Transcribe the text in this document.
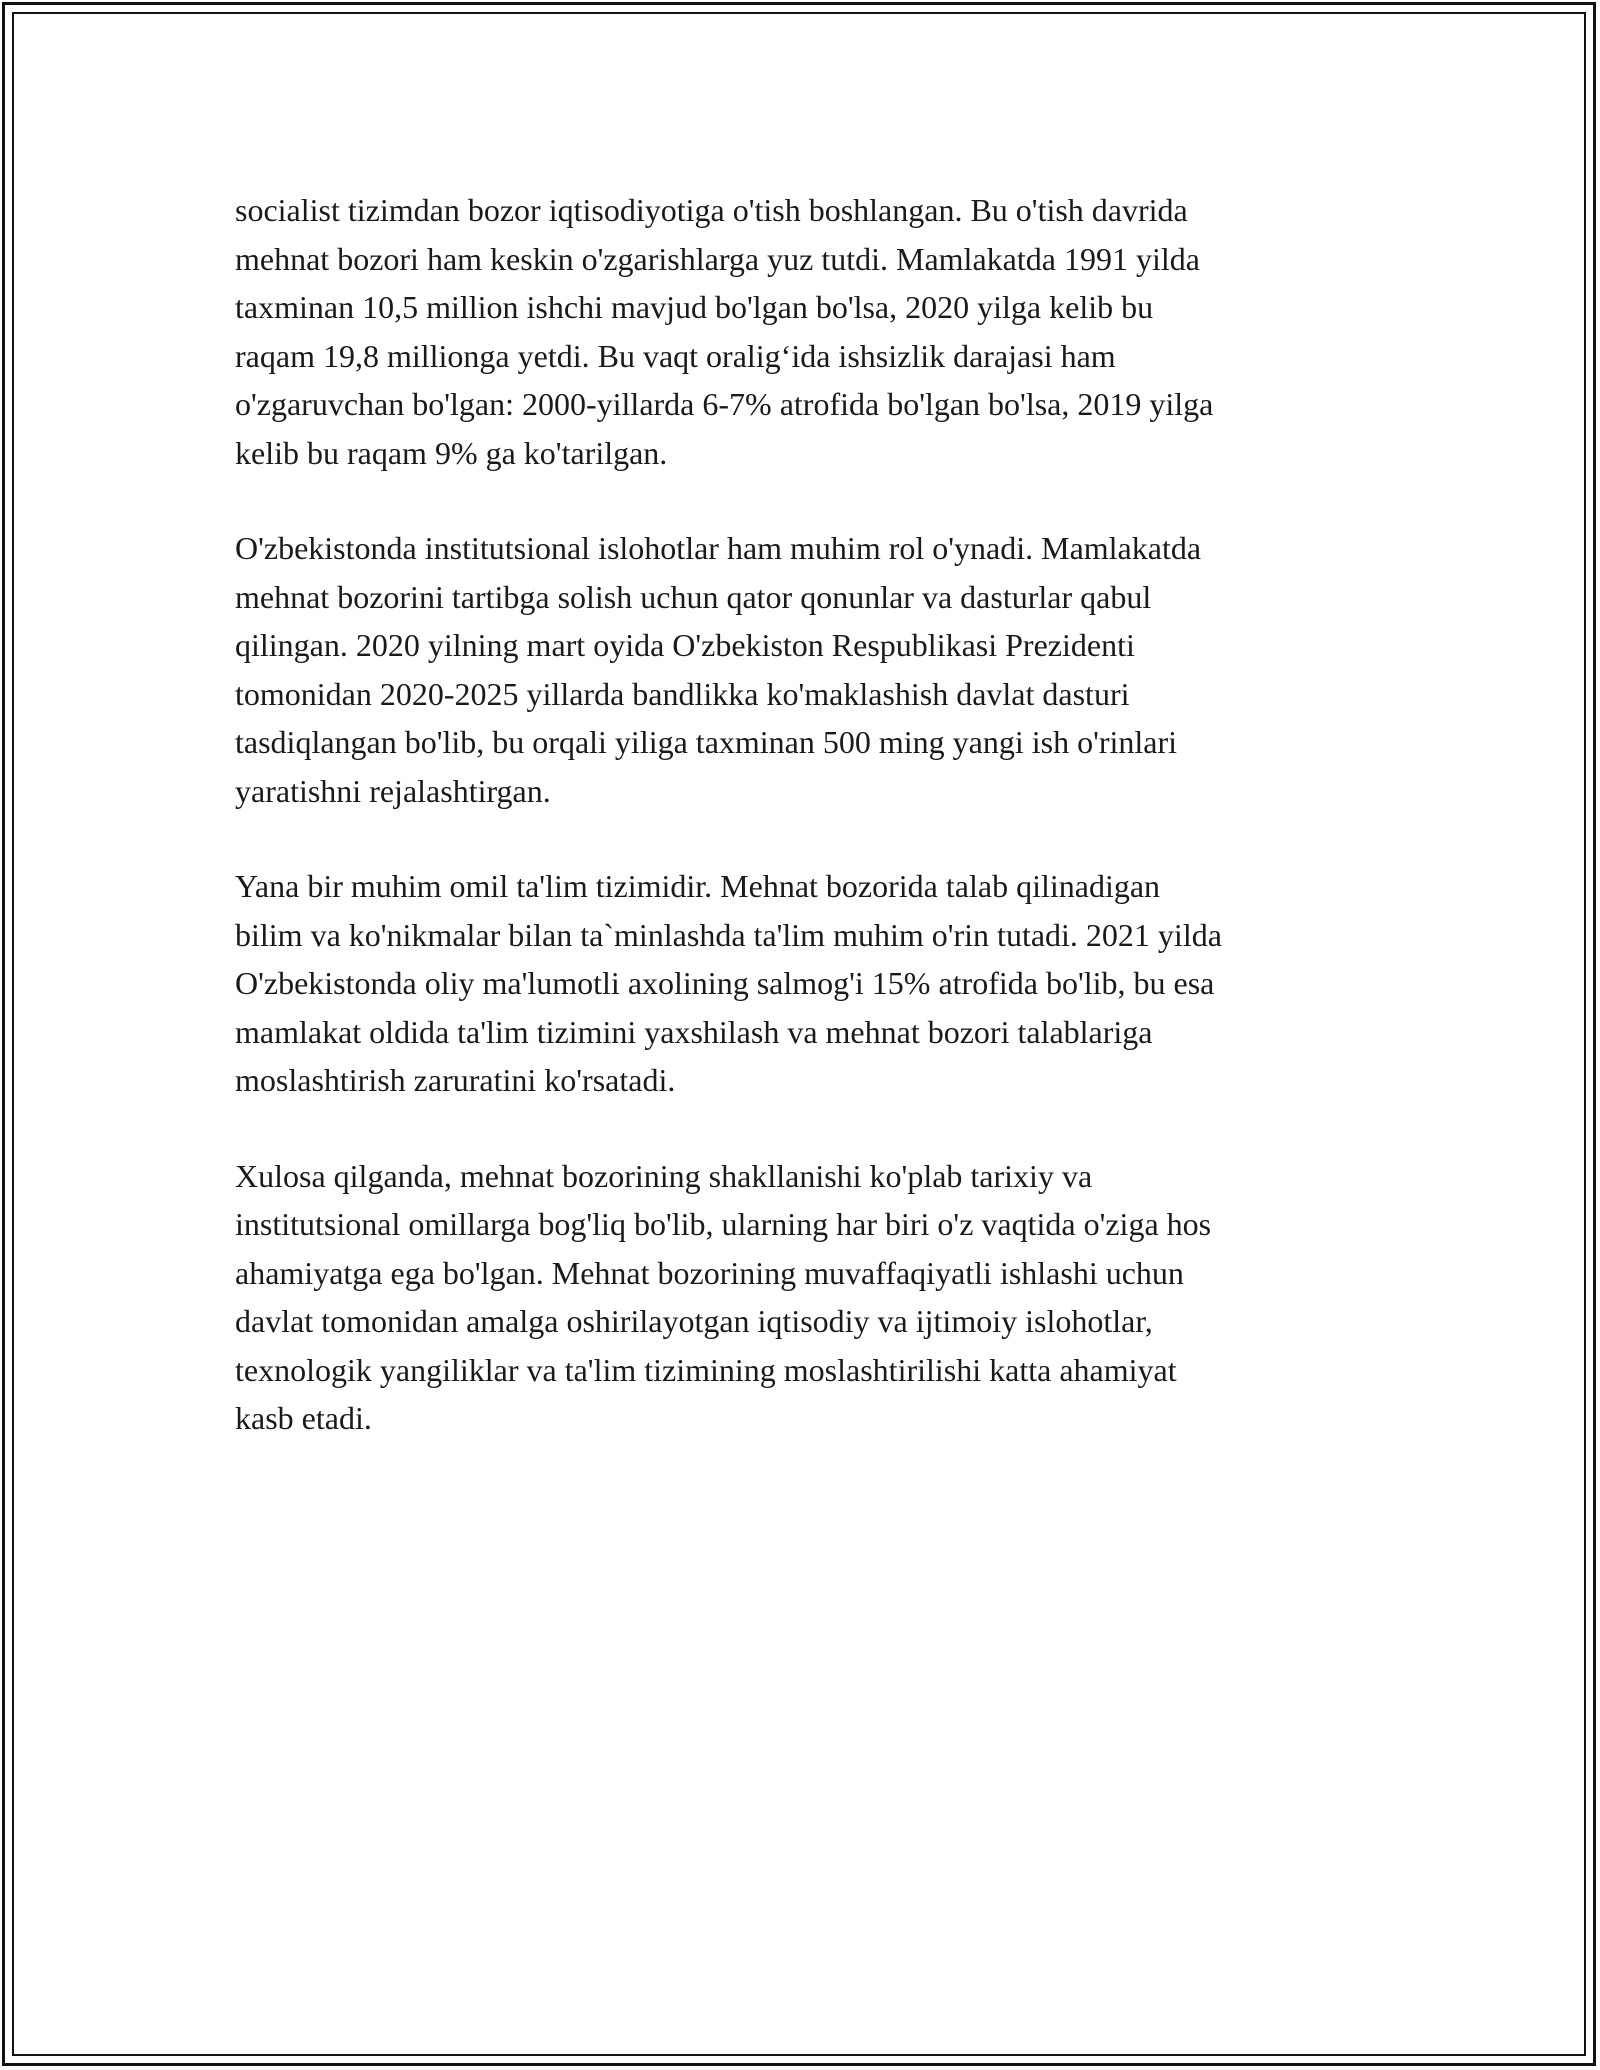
socialist tizimdan bozor iqtisodiyotiga o'tish boshlangan. Bu o'tish davrida
mehnat bozori ham keskin o'zgarishlarga yuz tutdi. Mamlakatda 1991 yilda
taxminan 10,5 million ishchi mavjud bo'lgan bo'lsa, 2020 yilga kelib bu
raqam 19,8 millionga yetdi. Bu vaqt oralig‘ida ishsizlik darajasi ham
o'zgaruvchan bo'lgan: 2000-yillarda 6-7% atrofida bo'lgan bo'lsa, 2019 yilga
kelib bu raqam 9% ga ko'tarilgan.

O'zbekistonda institutsional islohotlar ham muhim rol o'ynadi. Mamlakatda
mehnat bozorini tartibga solish uchun qator qonunlar va dasturlar qabul
qilingan. 2020 yilning mart oyida O'zbekiston Respublikasi Prezidenti
tomonidan 2020-2025 yillarda bandlikka ko'maklashish davlat dasturi
tasdiqlangan bo'lib, bu orqali yiliga taxminan 500 ming yangi ish o'rinlari
yaratishni rejalashtirgan.

Yana bir muhim omil ta'lim tizimidir. Mehnat bozorida talab qilinadigan
bilim va ko'nikmalar bilan ta`minlashda ta'lim muhim o'rin tutadi. 2021 yilda
O'zbekistonda oliy ma'lumotli axolining salmog'i 15% atrofida bo'lib, bu esa
mamlakat oldida ta'lim tizimini yaxshilash va mehnat bozori talablariga
moslashtirish zaruratini ko'rsatadi.

Xulosa qilganda, mehnat bozorining shakllanishi ko'plab tarixiy va
institutsional omillarga bog'liq bo'lib, ularning har biri o'z vaqtida o'ziga hos
ahamiyatga ega bo'lgan. Mehnat bozorining muvaffaqiyatli ishlashi uchun
davlat tomonidan amalga oshirilayotgan iqtisodiy va ijtimoiy islohotlar,
texnologik yangiliklar va ta'lim tizimining moslashtirilishi katta ahamiyat
kasb etadi.
